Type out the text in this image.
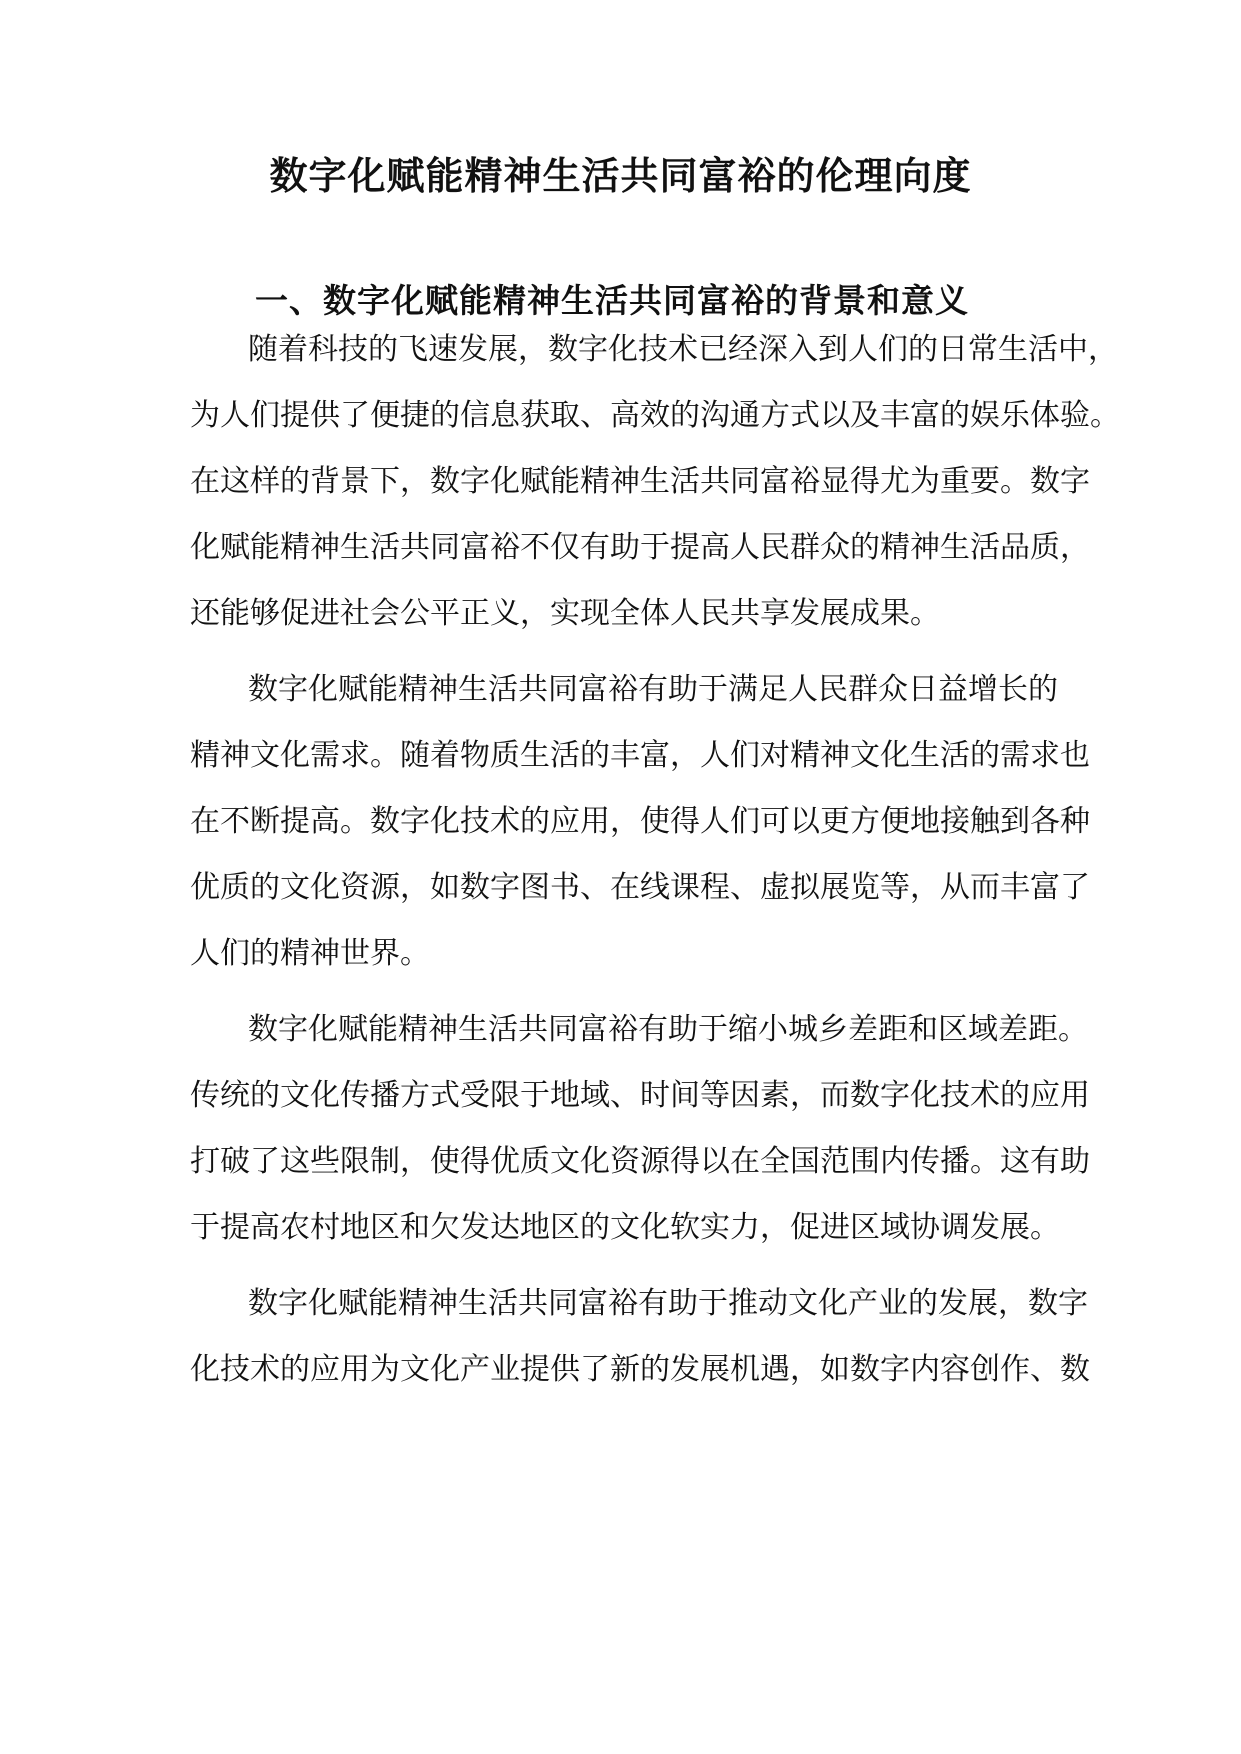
数字化赋能精神生活共同富裕的伦理向度
一、数字化赋能精神生活共同富裕的背景和意义

随着科技的飞速发展，数字化技术已经深入到人们的日常生活中，

为人们提供了便捷的信息获取、高效的沟通方式以及丰富的娱乐体验。

在这样的背景下，数字化赋能精神生活共同富裕显得尤为重要。数字

化赋能精神生活共同富裕不仅有助于提高人民群众的精神生活品质，

还能够促进社会公平正义，实现全体人民共享发展成果。

数字化赋能精神生活共同富裕有助于满足人民群众日益增长的

精神文化需求。随着物质生活的丰富，人们对精神文化生活的需求也

在不断提高。数字化技术的应用，使得人们可以更方便地接触到各种

优质的文化资源，如数字图书、在线课程、虚拟展览等，从而丰富了

人们的精神世界。

数字化赋能精神生活共同富裕有助于缩小城乡差距和区域差距。

传统的文化传播方式受限于地域、时间等因素，而数字化技术的应用

打破了这些限制，使得优质文化资源得以在全国范围内传播。这有助

于提高农村地区和欠发达地区的文化软实力，促进区域协调发展。

数字化赋能精神生活共同富裕有助于推动文化产业的发展，数字

化技术的应用为文化产业提供了新的发展机遇，如数字内容创作、数
